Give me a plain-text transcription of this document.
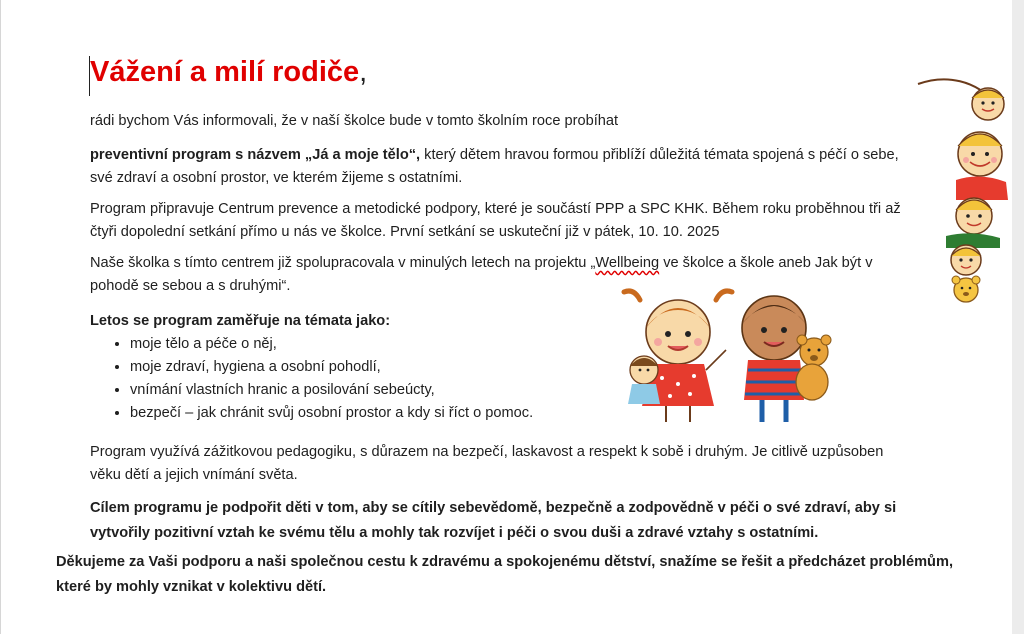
Vážení a milí rodiče,
rádi bychom Vás informovali, že v naší školce bude v tomto školním roce probíhat
preventivní program s názvem „Já a moje tělo“, který dětem hravou formou přiblíží důležitá témata spojená s péčí o sebe,
své zdraví a osobní prostor, ve kterém žijeme s ostatními.
Program připravuje Centrum prevence a metodické podpory, které je součástí PPP a SPC KHK. Během roku proběhnou tři až
čtyři dopolední setkání přímo u nás ve školce. První setkání se uskuteční již v pátek, 10. 10. 2025
Naše školka s tímto centrem již spolupracovala v minulých letech na projektu „Wellbeing ve školce a škole aneb Jak být v
pohodě se sebou a s druhými“.
Letos se program zaměřuje na témata jako:
• moje tělo a péče o něj,
• moje zdraví, hygiena a osobní pohodlí,
• vnímání vlastních hranic a posilování sebeúcty,
• bezpečí – jak chránit svůj osobní prostor a kdy si říct o pomoc.
Program využívá zážitkovou pedagogiku, s důrazem na bezpečí, laskavost a respekt k sobě i druhým. Je citlivě uzpůsoben
věku dětí a jejich vnímání světa.
Cílem programu je podpořit děti v tom, aby se cítily sebevědomě, bezpečně a zodpovědně v péči o své zdraví, aby si
vytvořily pozitivní vztah ke svému tělu a mohly tak rozvíjet i péči o svou duši a zdravé vztahy s ostatními.
Děkujeme za Vaši podporu a naši společnou cestu k zdravému a spokojenému dětství, snažíme se řešit a předcházet problémům,
které by mohly vznikat v kolektivu dětí.
